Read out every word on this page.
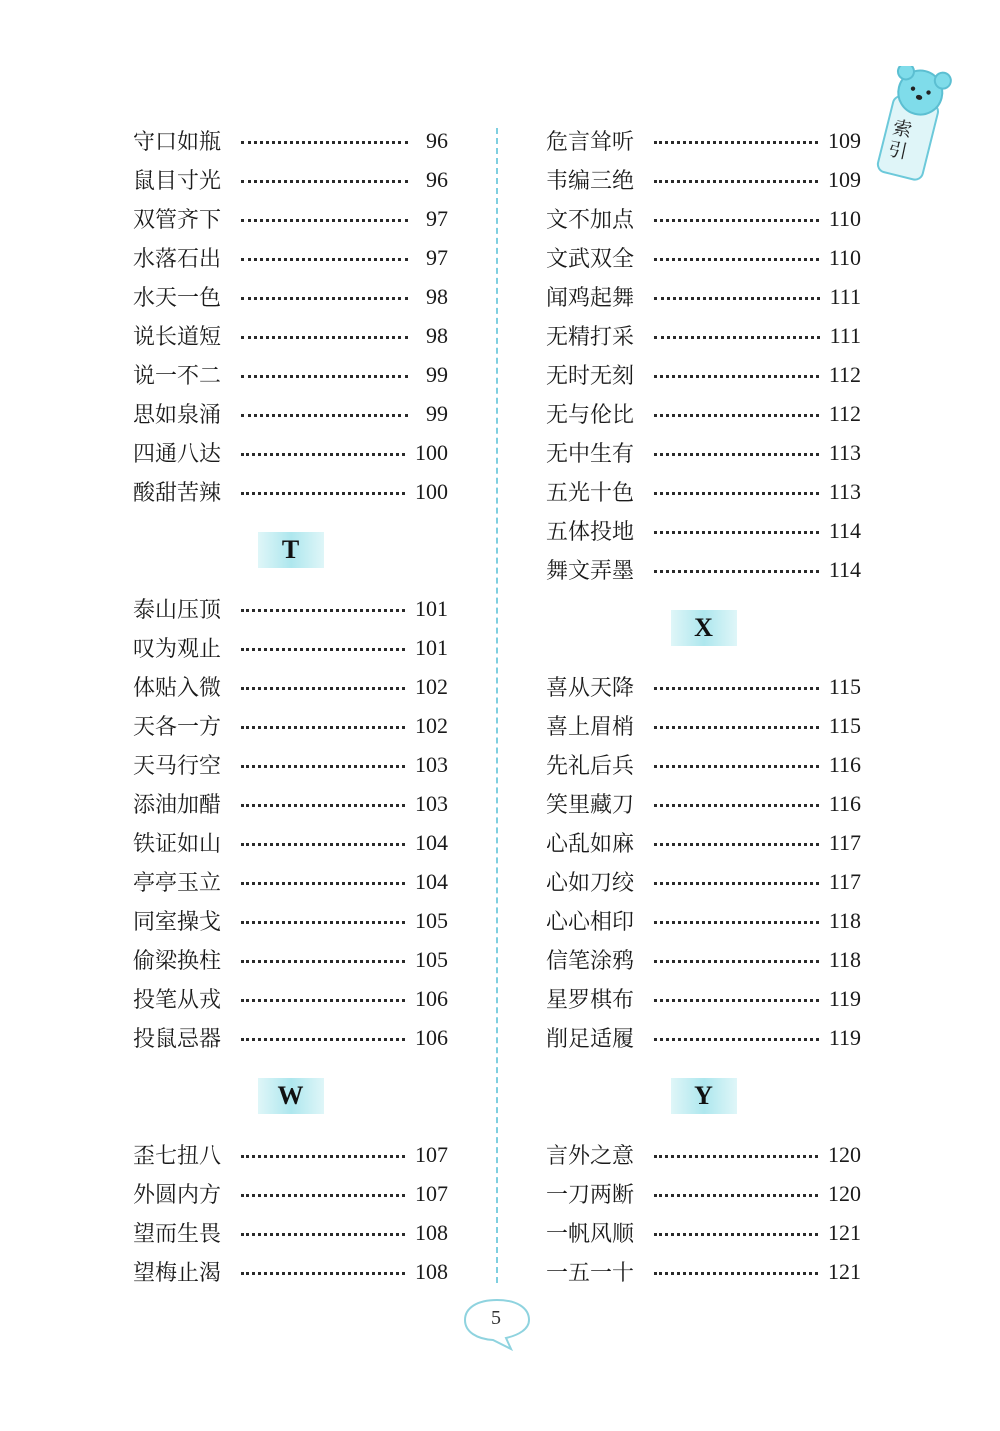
索引
守口如瓶	96
鼠目寸光	96
双管齐下	97
水落石出	97
水天一色	98
说长道短	98
说一不二	99
思如泉涌	99
四通八达	100
酸甜苦辣	100
T
泰山压顶	101
叹为观止	101
体贴入微	102
天各一方	102
天马行空	103
添油加醋	103
铁证如山	104
亭亭玉立	104
同室操戈	105
偷梁换柱	105
投笔从戎	106
投鼠忌器	106
W
歪七扭八	107
外圆内方	107
望而生畏	108
望梅止渴	108
危言耸听	109
韦编三绝	109
文不加点	110
文武双全	110
闻鸡起舞	111
无精打采	111
无时无刻	112
无与伦比	112
无中生有	113
五光十色	113
五体投地	114
舞文弄墨	114
X
喜从天降	115
喜上眉梢	115
先礼后兵	116
笑里藏刀	116
心乱如麻	117
心如刀绞	117
心心相印	118
信笔涂鸦	118
星罗棋布	119
削足适履	119
Y
言外之意	120
一刀两断	120
一帆风顺	121
一五一十	121
5
